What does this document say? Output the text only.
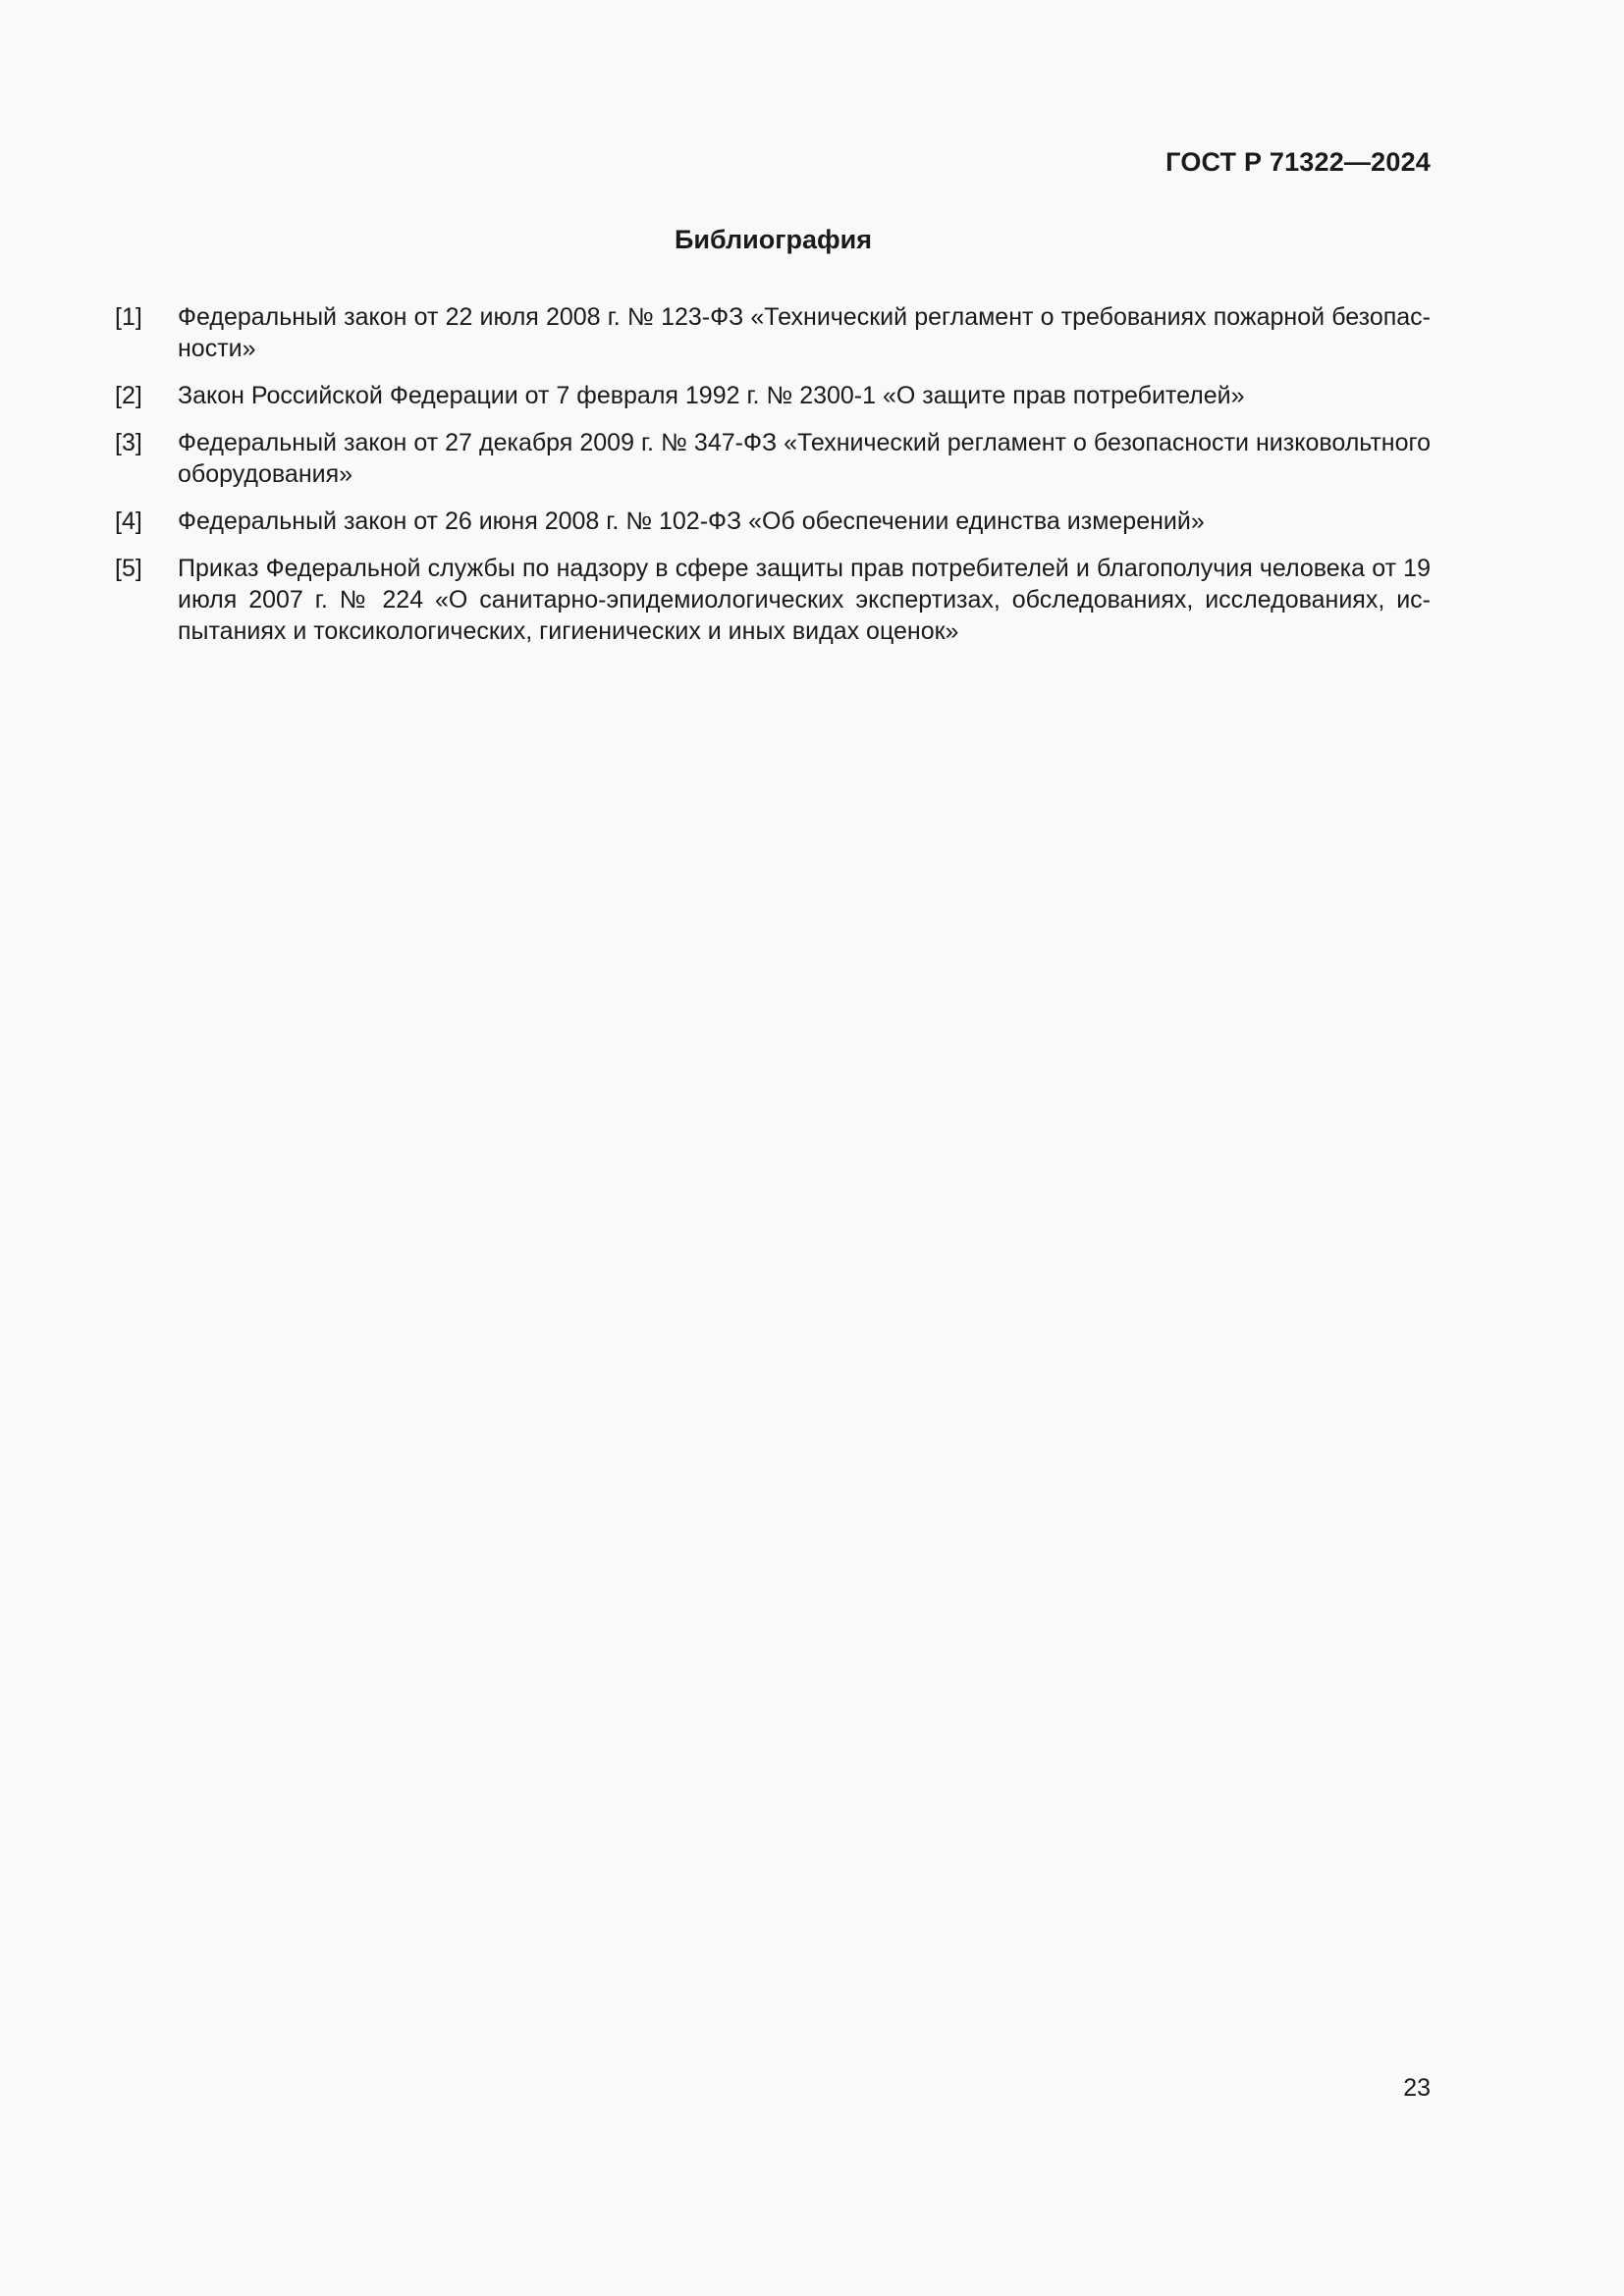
ГОСТ Р 71322—2024
Библиография
[1] Федеральный закон от 22 июля 2008 г. № 123-ФЗ «Технический регламент о требованиях пожарной безопасности»
[2] Закон Российской Федерации от 7 февраля 1992 г. № 2300-1 «О защите прав потребителей»
[3] Федеральный закон от 27 декабря 2009 г. № 347-ФЗ «Технический регламент о безопасности низковольтного оборудования»
[4] Федеральный закон от 26 июня 2008 г. № 102-ФЗ «Об обеспечении единства измерений»
[5] Приказ Федеральной службы по надзору в сфере защиты прав потребителей и благополучия человека от 19 июля 2007 г. № 224 «О санитарно-эпидемиологических экспертизах, обследованиях, исследованиях, испытаниях и токсикологических, гигиенических и иных видах оценок»
23
